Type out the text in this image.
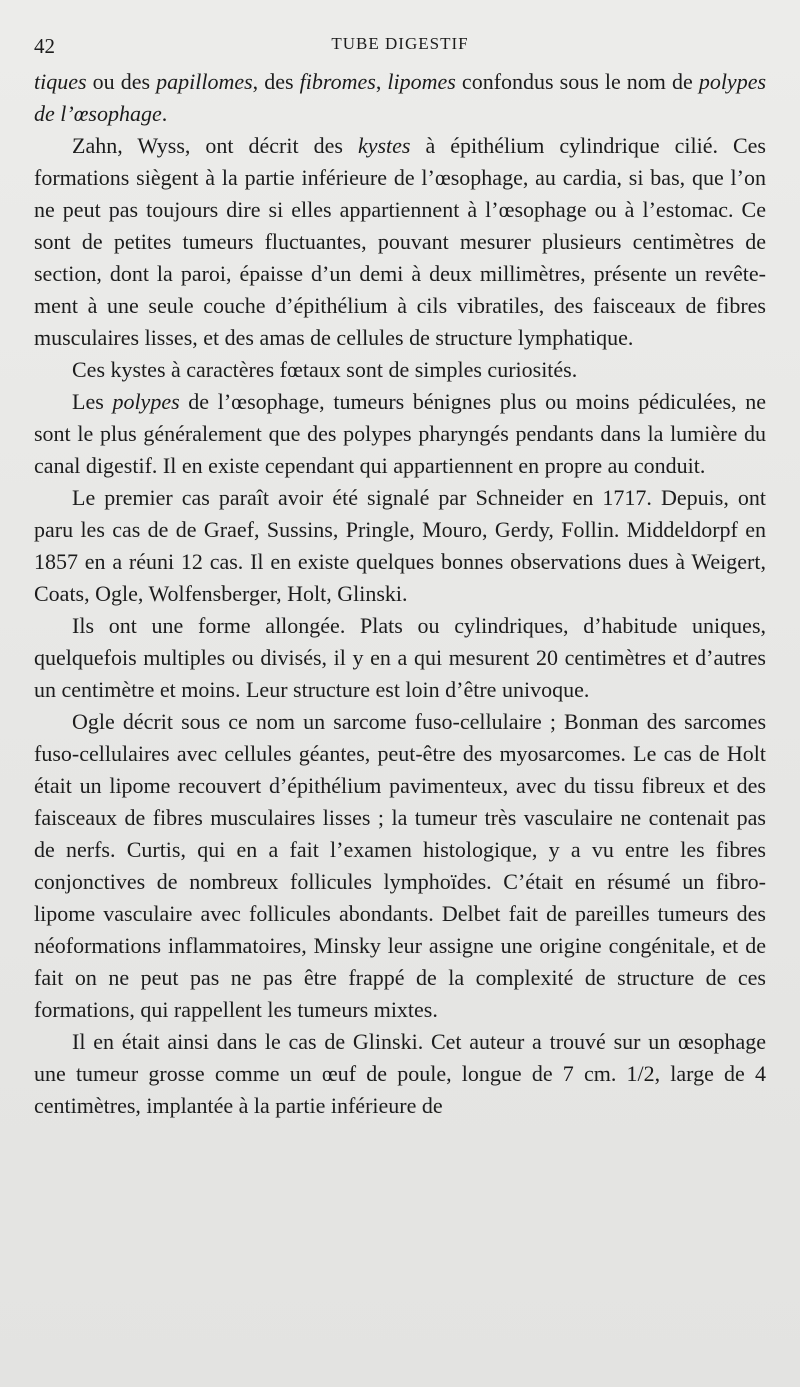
42	TUBE DIGESTIF

tiques ou des papillomes, des fibromes, lipomes confondus sous le nom de polypes de l’œsophage.

Zahn, Wyss, ont décrit des kystes à épithélium cylindrique cilié. Ces formations siègent à la partie inférieure de l’œsophage, au cardia, si bas, que l’on ne peut pas toujours dire si elles appartiennent à l’œsophage ou à l’estomac. Ce sont de petites tumeurs fluctuantes, pouvant mesurer plusieurs centimètres de section, dont la paroi, épaisse d’un demi à deux millimètres, présente un revêtement à une seule couche d’épithélium à cils vibratiles, des faisceaux de fibres musculaires lisses, et des amas de cellules de structure lymphatique.

Ces kystes à caractères fœtaux sont de simples curiosités.

Les polypes de l’œsophage, tumeurs bénignes plus ou moins pédiculées, ne sont le plus généralement que des polypes pharyngés pendants dans la lumière du canal digestif. Il en existe cependant qui appartiennent en propre au conduit.

Le premier cas paraît avoir été signalé par Schneider en 1717. Depuis, ont paru les cas de de Graef, Sussins, Pringle, Mouro, Gerdy, Follin. Middeldorpf en 1857 en a réuni 12 cas. Il en existe quelques bonnes observations dues à Weigert, Coats, Ogle, Wolfensberger, Holt, Glinski.

Ils ont une forme allongée. Plats ou cylindriques, d’habitude uniques, quelquefois multiples ou divisés, il y en a qui mesurent 20 centimètres et d’autres un centimètre et moins. Leur structure est loin d’être univoque.

Ogle décrit sous ce nom un sarcome fuso-cellulaire ; Bonman des sarcomes fuso-cellulaires avec cellules géantes, peut-être des myosarcomes. Le cas de Holt était un lipome recouvert d’épithélium pavimenteux, avec du tissu fibreux et des faisceaux de fibres musculaires lisses ; la tumeur très vasculaire ne contenait pas de nerfs. Curtis, qui en a fait l’examen histologique, y a vu entre les fibres conjonctives de nombreux follicules lymphoïdes. C’était en résumé un fibro-lipome vasculaire avec follicules abondants. Delbet fait de pareilles tumeurs des néoformations inflammatoires, Minsky leur assigne une origine congénitale, et de fait on ne peut pas ne pas être frappé de la complexité de structure de ces formations, qui rappellent les tumeurs mixtes.

Il en était ainsi dans le cas de Glinski. Cet auteur a trouvé sur un œsophage une tumeur grosse comme un œuf de poule, longue de 7 cm. 1/2, large de 4 centimètres, implantée à la partie inférieure de
